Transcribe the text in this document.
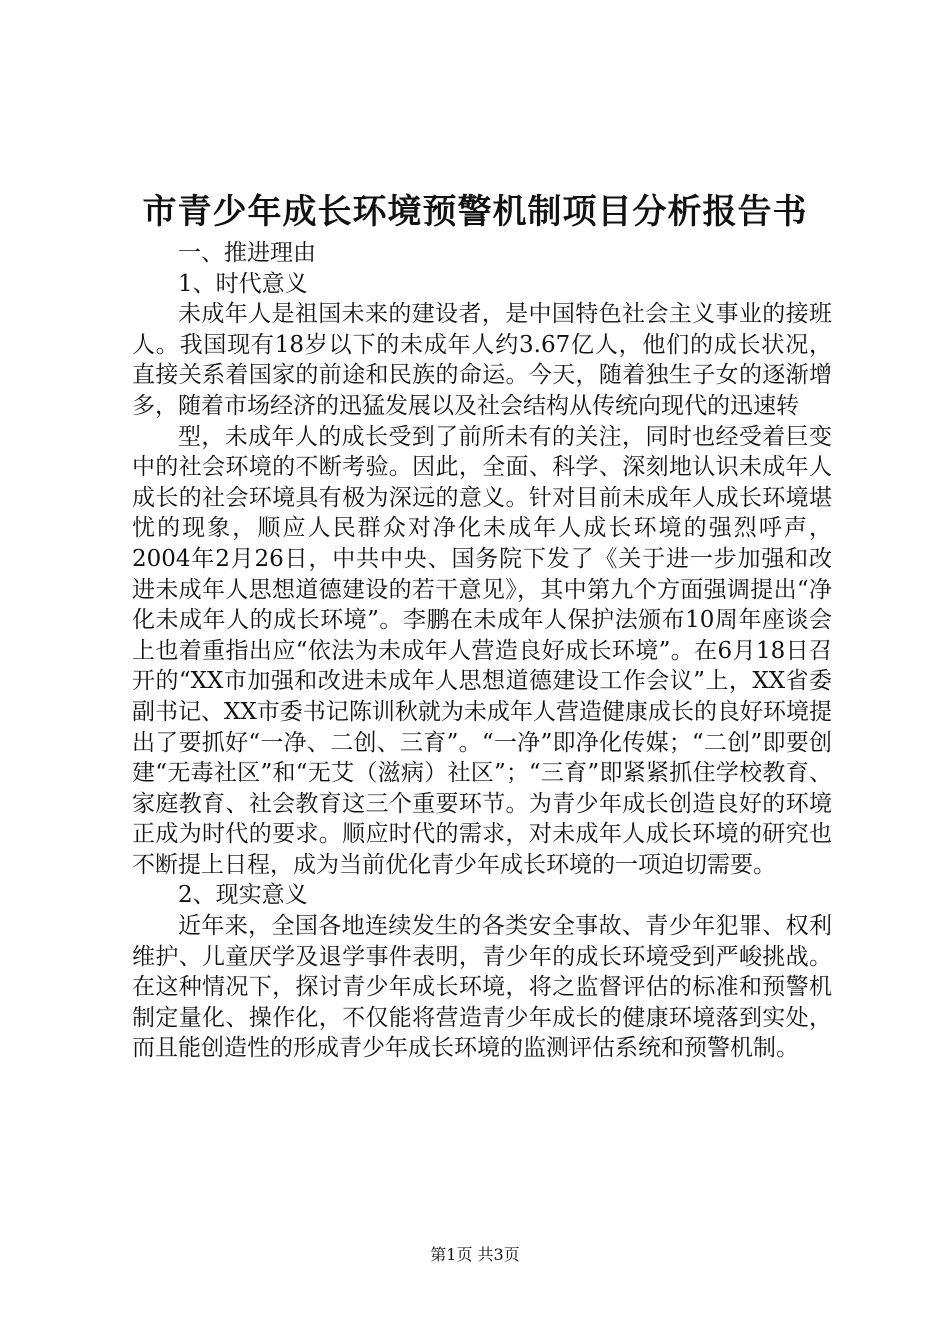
市青少年成长环境预警机制项目分析报告书

一、推进理由

1、时代意义

未成年人是祖国未来的建设者，是中国特色社会主义事业的接班人。我国现有18岁以下的未成年人约3.67亿人，他们的成长状况，直接关系着国家的前途和民族的命运。今天，随着独生子女的逐渐增多，随着市场经济的迅猛发展以及社会结构从传统向现代的迅速转

型，未成年人的成长受到了前所未有的关注，同时也经受着巨变中的社会环境的不断考验。因此，全面、科学、深刻地认识未成年人成长的社会环境具有极为深远的意义。针对目前未成年人成长环境堪忧的现象，顺应人民群众对净化未成年人成长环境的强烈呼声，2004年2月26日，中共中央、国务院下发了《关于进一步加强和改进未成年人思想道德建设的若干意见》，其中第九个方面强调提出“净化未成年人的成长环境”。李鹏在未成年人保护法颁布10周年座谈会上也着重指出应“依法为未成年人营造良好成长环境”。在6月18日召开的“XX市加强和改进未成年人思想道德建设工作会议”上，XX省委副书记、XX市委书记陈训秋就为未成年人营造健康成长的良好环境提出了要抓好“一净、二创、三育”。“一净”即净化传媒；“二创”即要创建“无毒社区”和“无艾（滋病）社区”；“三育”即紧紧抓住学校教育、家庭教育、社会教育这三个重要环节。为青少年成长创造良好的环境正成为时代的要求。顺应时代的需求，对未成年人成长环境的研究也不断提上日程，成为当前优化青少年成长环境的一项迫切需要。

2、现实意义

近年来，全国各地连续发生的各类安全事故、青少年犯罪、权利维护、儿童厌学及退学事件表明，青少年的成长环境受到严峻挑战。在这种情况下，探讨青少年成长环境，将之监督评估的标准和预警机制定量化、操作化，不仅能将营造青少年成长的健康环境落到实处，而且能创造性的形成青少年成长环境的监测评估系统和预警机制。

第1页 共3页
